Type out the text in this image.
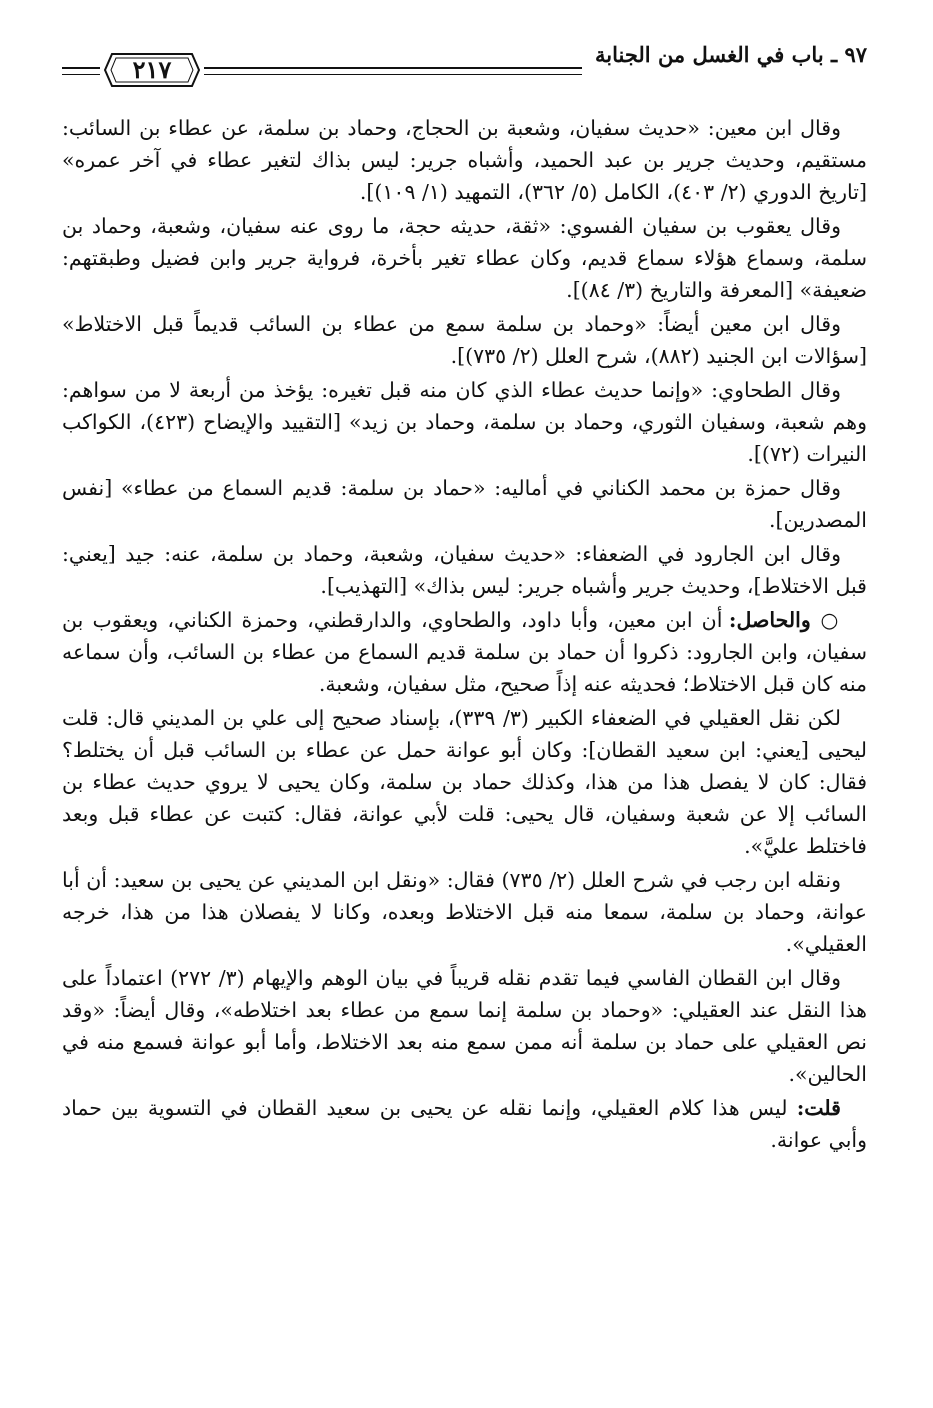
٩٧ ـ باب في الغسل من الجنابة
٢١٧

وقال ابن معين: «حديث سفيان، وشعبة بن الحجاج، وحماد بن سلمة، عن عطاء بن السائب: مستقيم، وحديث جرير بن عبد الحميد، وأشباه جرير: ليس بذاك لتغير عطاء في آخر عمره» [تاريخ الدوري (٢/ ٤٠٣)، الكامل (٥/ ٣٦٢)، التمهيد (١/ ١٠٩)].

وقال يعقوب بن سفيان الفسوي: «ثقة، حديثه حجة، ما روى عنه سفيان، وشعبة، وحماد بن سلمة، وسماع هؤلاء سماع قديم، وكان عطاء تغير بأخرة، فرواية جرير وابن فضيل وطبقتهم: ضعيفة» [المعرفة والتاريخ (٣/ ٨٤)].

وقال ابن معين أيضاً: «وحماد بن سلمة سمع من عطاء بن السائب قديماً قبل الاختلاط» [سؤالات ابن الجنيد (٨٨٢)، شرح العلل (٢/ ٧٣٥)].

وقال الطحاوي: «وإنما حديث عطاء الذي كان منه قبل تغيره: يؤخذ من أربعة لا من سواهم: وهم شعبة، وسفيان الثوري، وحماد بن سلمة، وحماد بن زيد» [التقييد والإيضاح (٤٢٣)، الكواكب النيرات (٧٢)].

وقال حمزة بن محمد الكناني في أماليه: «حماد بن سلمة: قديم السماع من عطاء» [نفس المصدرين].

وقال ابن الجارود في الضعفاء: «حديث سفيان، وشعبة، وحماد بن سلمة، عنه: جيد [يعني: قبل الاختلاط]، وحديث جرير وأشباه جرير: ليس بذاك» [التهذيب].

○ والحاصل: أن ابن معين، وأبا داود، والطحاوي، والدارقطني، وحمزة الكناني، ويعقوب بن سفيان، وابن الجارود: ذكروا أن حماد بن سلمة قديم السماع من عطاء بن السائب، وأن سماعه منه كان قبل الاختلاط؛ فحديثه عنه إذاً صحيح، مثل سفيان، وشعبة.

لكن نقل العقيلي في الضعفاء الكبير (٣/ ٣٣٩)، بإسناد صحيح إلى علي بن المديني قال: قلت ليحيى [يعني: ابن سعيد القطان]: وكان أبو عوانة حمل عن عطاء بن السائب قبل أن يختلط؟ فقال: كان لا يفصل هذا من هذا، وكذلك حماد بن سلمة، وكان يحيى لا يروي حديث عطاء بن السائب إلا عن شعبة وسفيان، قال يحيى: قلت لأبي عوانة، فقال: كتبت عن عطاء قبل وبعد فاختلط عليَّ».

ونقله ابن رجب في شرح العلل (٢/ ٧٣٥) فقال: «ونقل ابن المديني عن يحيى بن سعيد: أن أبا عوانة، وحماد بن سلمة، سمعا منه قبل الاختلاط وبعده، وكانا لا يفصلان هذا من هذا، خرجه العقيلي».

وقال ابن القطان الفاسي فيما تقدم نقله قريباً في بيان الوهم والإيهام (٣/ ٢٧٢) اعتماداً على هذا النقل عند العقيلي: «وحماد بن سلمة إنما سمع من عطاء بعد اختلاطه»، وقال أيضاً: «وقد نص العقيلي على حماد بن سلمة أنه ممن سمع منه بعد الاختلاط، وأما أبو عوانة فسمع منه في الحالين».

قلت: ليس هذا كلام العقيلي، وإنما نقله عن يحيى بن سعيد القطان في التسوية بين حماد وأبي عوانة.
